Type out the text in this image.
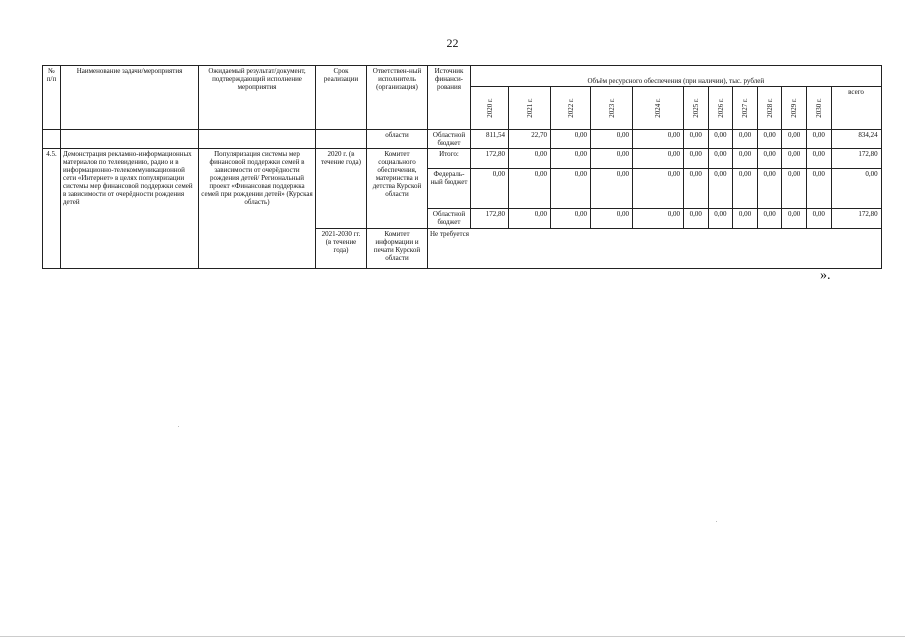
22
№ п/п	Наименование задачи/мероприятия	Ожидаемый результат/документ, подтверждающий исполнение мероприятия	Срок реализации	Ответствен-ный исполнитель (организация)	Источник финанси-рования	Объём ресурсного обеспечения (при наличии), тыс. рублей											
						2020 г.	2021 г.	2022 г.	2023 г.	2024 г.	2025 г.	2026 г.	2027 г.	2028 г.	2029 г.	2030 г.	всего
				области	Областной бюджет	811,54	22,70	0,00	0,00	0,00	0,00	0,00	0,00	0,00	0,00	0,00	834,24
4.5.	Демонстрация рекламно-информационных материалов по телевидению, радио и в информационно-телекоммуникационной сети «Интернет» в целях популяризации системы мер финансовой поддержки семей в зависимости от очерёдности рождения детей	Популяризация системы мер финансовой поддержки семей в зависимости от очерёдности рождения детей/ Региональный проект «Финансовая поддержка семей при рождении детей» (Курская область)	2020 г. (в течение года)	Комитет социального обеспечения, материнства и детства Курской области	Итого:	172,80	0,00	0,00	0,00	0,00	0,00	0,00	0,00	0,00	0,00	0,00	172,80
					Федераль-ный бюджет	0,00	0,00	0,00	0,00	0,00	0,00	0,00	0,00	0,00	0,00	0,00	0,00
					Областной бюджет	172,80	0,00	0,00	0,00	0,00	0,00	0,00	0,00	0,00	0,00	0,00	172,80
			2021-2030 гг. (в течение года)	Комитет информации и печати Курской области	Не требуется												
».
